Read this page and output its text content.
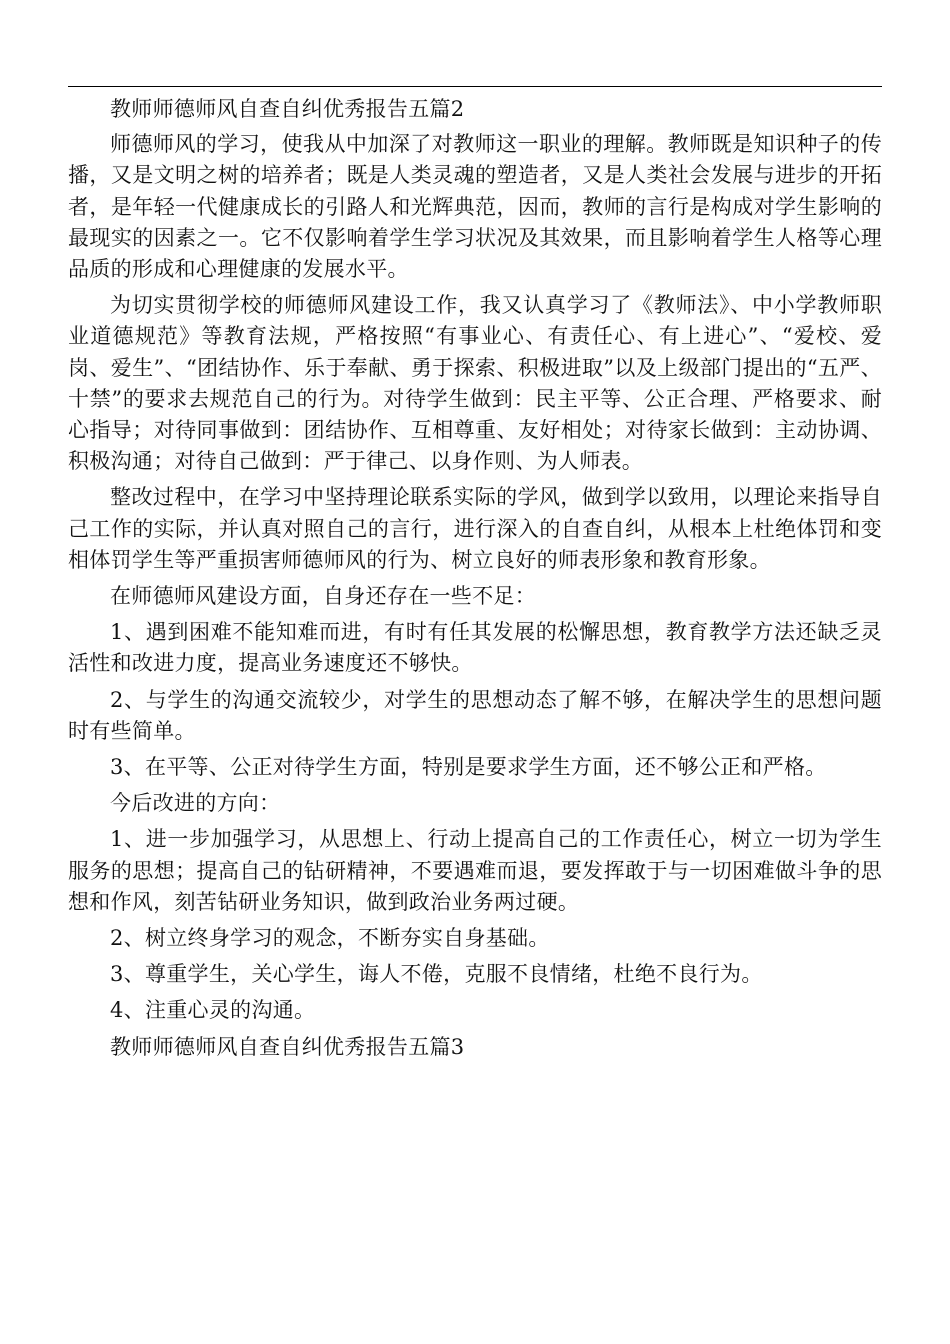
教师师德师风自查自纠优秀报告五篇2

师德师风的学习，使我从中加深了对教师这一职业的理解。教师既是知识种子的传播，又是文明之树的培养者；既是人类灵魂的塑造者，又是人类社会发展与进步的开拓者，是年轻一代健康成长的引路人和光辉典范，因而，教师的言行是构成对学生影响的最现实的因素之一。它不仅影响着学生学习状况及其效果，而且影响着学生人格等心理品质的形成和心理健康的发展水平。

为切实贯彻学校的师德师风建设工作，我又认真学习了《教师法》、中小学教师职业道德规范》等教育法规，严格按照“有事业心、有责任心、有上进心”、“爱校、爱岗、爱生”、“团结协作、乐于奉献、勇于探索、积极进取”以及上级部门提出的“五严、十禁”的要求去规范自己的行为。对待学生做到：民主平等、公正合理、严格要求、耐心指导；对待同事做到：团结协作、互相尊重、友好相处；对待家长做到：主动协调、积极沟通；对待自己做到：严于律己、以身作则、为人师表。

整改过程中，在学习中坚持理论联系实际的学风，做到学以致用，以理论来指导自己工作的实际，并认真对照自己的言行，进行深入的自查自纠，从根本上杜绝体罚和变相体罚学生等严重损害师德师风的行为、树立良好的师表形象和教育形象。

在师德师风建设方面，自身还存在一些不足：

1、遇到困难不能知难而进，有时有任其发展的松懈思想，教育教学方法还缺乏灵活性和改进力度，提高业务速度还不够快。

2、与学生的沟通交流较少，对学生的思想动态了解不够，在解决学生的思想问题时有些简单。

3、在平等、公正对待学生方面，特别是要求学生方面，还不够公正和严格。

今后改进的方向：

1、进一步加强学习，从思想上、行动上提高自己的工作责任心，树立一切为学生服务的思想；提高自己的钻研精神，不要遇难而退，要发挥敢于与一切困难做斗争的思想和作风，刻苦钻研业务知识，做到政治业务两过硬。

2、树立终身学习的观念，不断夯实自身基础。

3、尊重学生，关心学生，诲人不倦，克服不良情绪，杜绝不良行为。

4、注重心灵的沟通。

教师师德师风自查自纠优秀报告五篇3
